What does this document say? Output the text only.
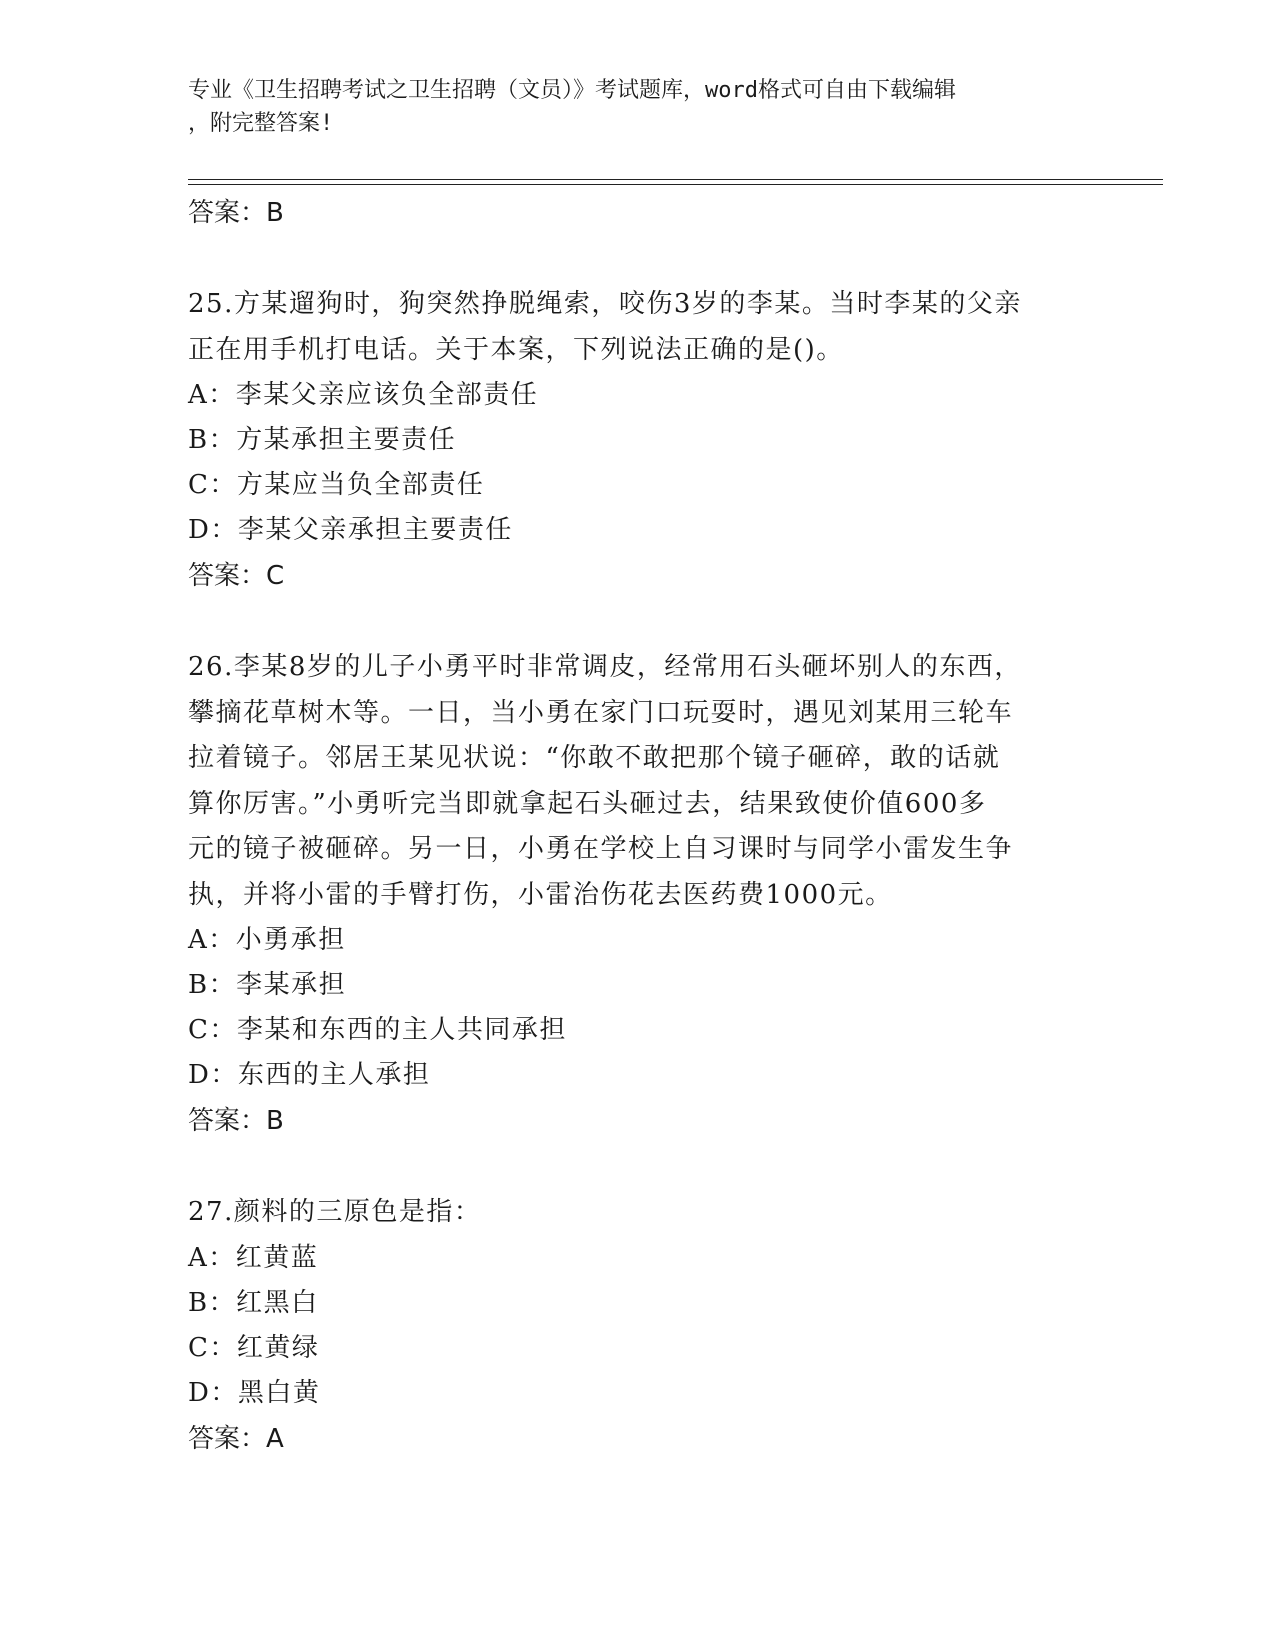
专业《卫生招聘考试之卫生招聘（文员）》考试题库，word格式可自由下载编辑
，附完整答案!
答案：B
25.方某遛狗时，狗突然挣脱绳索，咬伤3岁的李某。当时李某的父亲
正在用手机打电话。关于本案，下列说法正确的是()。
A：李某父亲应该负全部责任
B：方某承担主要责任
C：方某应当负全部责任
D：李某父亲承担主要责任
答案：C
26.李某8岁的儿子小勇平时非常调皮，经常用石头砸坏别人的东西，
攀摘花草树木等。一日，当小勇在家门口玩耍时，遇见刘某用三轮车
拉着镜子。邻居王某见状说：“你敢不敢把那个镜子砸碎，敢的话就
算你厉害。”小勇听完当即就拿起石头砸过去，结果致使价值600多
元的镜子被砸碎。另一日，小勇在学校上自习课时与同学小雷发生争
执，并将小雷的手臂打伤，小雷治伤花去医药费1000元。
A：小勇承担
B：李某承担
C：李某和东西的主人共同承担
D：东西的主人承担
答案：B
27.颜料的三原色是指：
A：红黄蓝
B：红黑白
C：红黄绿
D：黑白黄
答案：A
